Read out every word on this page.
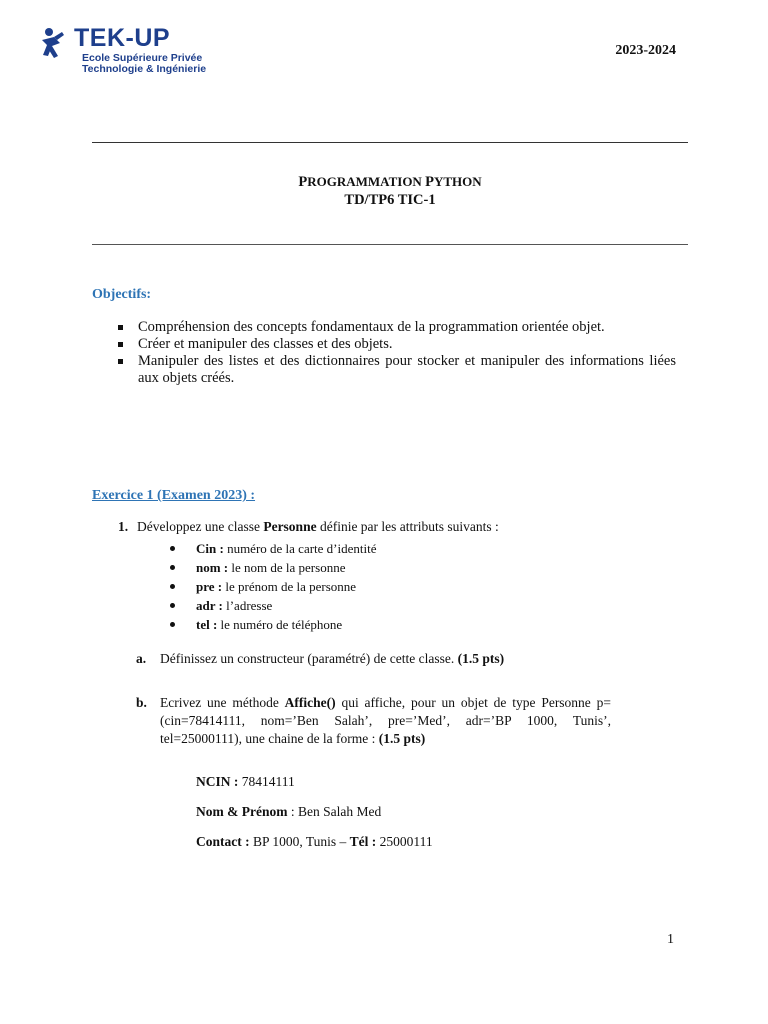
TEK-UP
Ecole Supérieure Privée
Technologie & Ingénierie
2023-2024
PROGRAMMATION PYTHON
TD/TP6 TIC-1
Objectifs:
Compréhension des concepts fondamentaux de la programmation orientée objet.
Créer et manipuler des classes et des objets.
Manipuler des listes et des dictionnaires pour stocker et manipuler des informations liées aux objets créés.
Exercice 1 (Examen 2023) :
1. Développez une classe Personne définie par les attributs suivants :
Cin : numéro de la carte d’identité
nom : le nom de la personne
pre : le prénom de la personne
adr : l’adresse
tel : le numéro de téléphone
a. Définissez un constructeur (paramétré) de cette classe. (1.5 pts)
b. Ecrivez une méthode Affiche() qui affiche, pour un objet de type Personne p=(cin=78414111, nom=’Ben Salah’, pre=’Med’, adr=’BP 1000, Tunis’, tel=25000111), une chaine de la forme : (1.5 pts)
NCIN : 78414111
Nom & Prénom : Ben Salah Med
Contact : BP 1000, Tunis – Tél : 25000111
1
